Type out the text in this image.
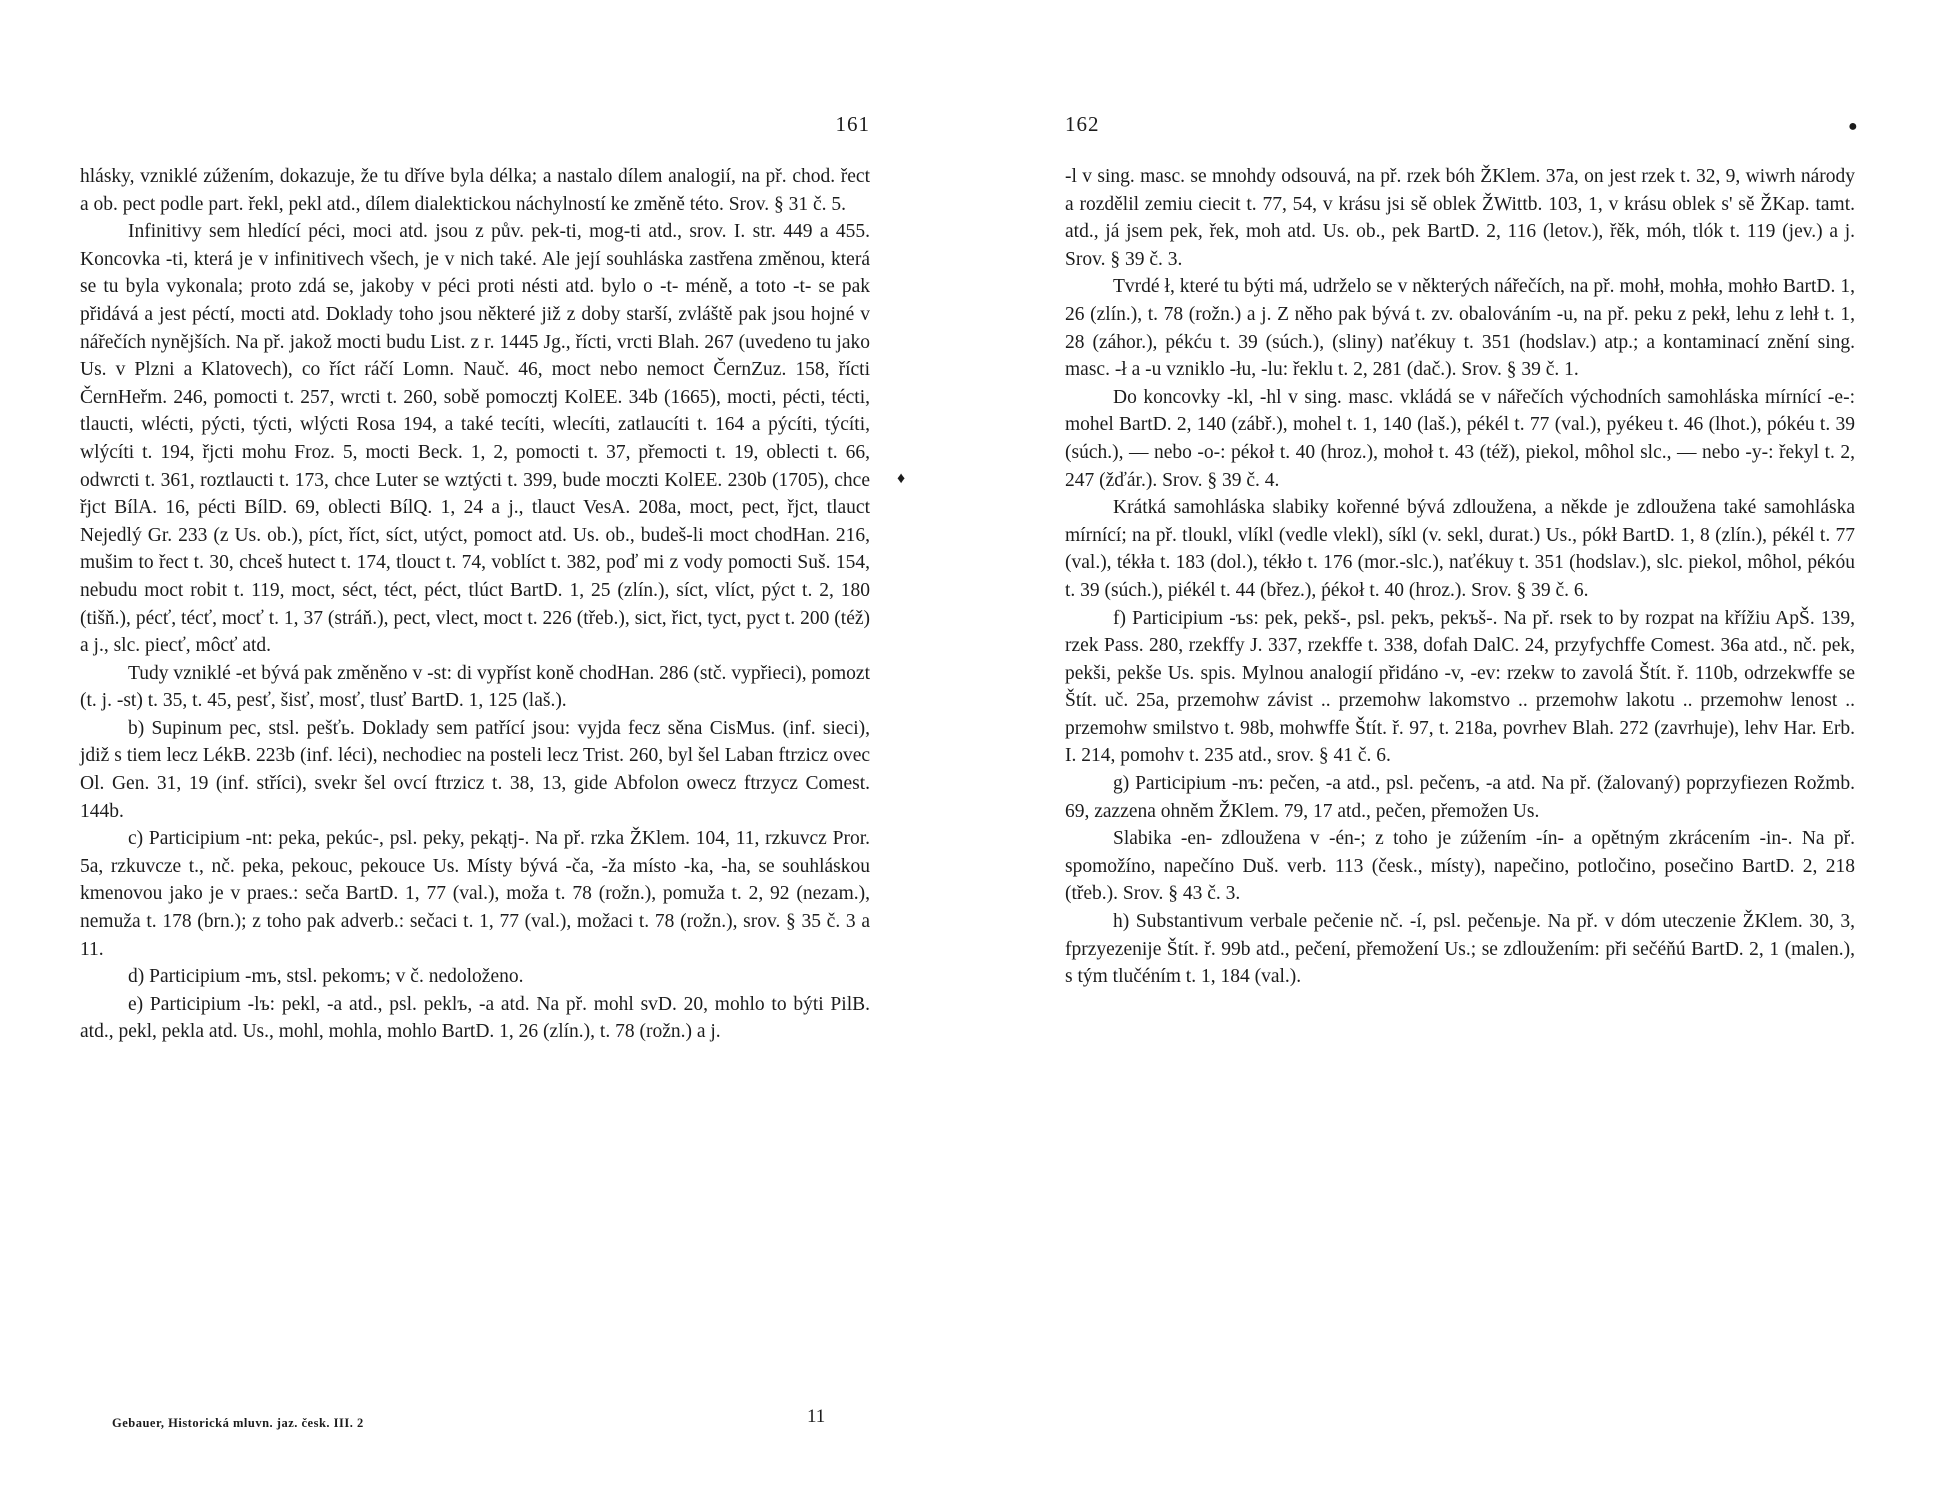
161

hlásky, vzniklé zúžením, dokazuje, že tu dříve byla délka; a nastalo dílem analogií, na př. chod. řect a ob. pect podle part. řekl, pekl atd., dílem dialektickou náchylností ke změně této. Srov. § 31 č. 5.

Infinitivy sem hledící péci, moci atd. jsou z pův. pek-ti, mog-ti atd., srov. I. str. 449 a 455. Koncovka -ti, která je v infinitivech všech, je v nich také. Ale její souhláska zastřena změnou, která se tu byla vykonala; proto zdá se, jakoby v péci proti nésti atd. bylo o -t- méně, a toto -t- se pak přidává a jest péctí, mocti atd. Doklady toho jsou některé již z doby starší, zvláště pak jsou hojné v nářečích nynějších. Na př. jakož mocti budu List. z r. 1445 Jg., řícti, vrcti Blah. 267 (uvedeno tu jako Us. v Plzni a Klatovech), co říct ráčí Lomn. Nauč. 46, moct nebo nemoct ČernZuz. 158, řícti ČernHeřm. 246, pomocti t. 257, wrcti t. 260, sobě pomocztj KolEE. 34b (1665), mocti, pécti, técti, tlaucti, wlécti, pýcti, týcti, wlýcti Rosa 194, a také tecíti, wlecíti, zatlaucíti t. 164 a pýcíti, týcíti, wlýcíti t. 194, řjcti mohu Froz. 5, mocti Beck. 1, 2, pomocti t. 37, přemocti t. 19, oblecti t. 66, odwrcti t. 361, roztlaucti t. 173, chce Luter se wztýcti t. 399, bude moczti KolEE. 230b (1705), chce řjct BílA. 16, pécti BílD. 69, oblecti BílQ. 1, 24 a j., tlauct VesA. 208a, moct, pect, řjct, tlauct Nejedlý Gr. 233 (z Us. ob.), píct, říct, síct, utýct, pomoct atd. Us. ob., budeš-li moct chodHan. 216, mušim to řect t. 30, chceš hutect t. 174, tlouct t. 74, voblíct t. 382, poď mi z vody pomocti Suš. 154, nebudu moct robit t. 119, moct, séct, téct, péct, tlúct BartD. 1, 25 (zlín.), síct, vlíct, pýct t. 2, 180 (tišň.), pécť, técť, mocť t. 1, 37 (stráň.), pect, vlect, moct t. 226 (třeb.), sict, řict, tyct, pyct t. 200 (též) a j., slc. piecť, môcť atd.

Tudy vzniklé -et bývá pak změněno v -st: di vypříst koně chodHan. 286 (stč. vypřieci), pomozt (t. j. -st) t. 35, t. 45, pesť, šisť, mosť, tlusť BartD. 1, 125 (laš.).

b) Supinum pec, stsl. pešťь. Doklady sem patřící jsou: vyjda fecz sěna CisMus. (inf. sieci), jdiž s tiem lecz LékB. 223b (inf. léci), nechodiec na posteli lecz Trist. 260, byl šel Laban ftrzicz ovec Ol. Gen. 31, 19 (inf. stříci), svekr šel ovcí ftrzicz t. 38, 13, gide Abfolon owecz ftrzycz Comest. 144b.

c) Participium -nt: peka, pekúc-, psl. peky, pekątj-. Na př. rzka ŽKlem. 104, 11, rzkuvcz Pror. 5a, rzkuvcze t., nč. peka, pekouc, pekouce Us. Místy bývá -ča, -ža místo -ka, -ha, se souhláskou kmenovou jako je v praes.: seča BartD. 1, 77 (val.), moža t. 78 (rožn.), pomuža t. 2, 92 (nezam.), nemuža t. 178 (brn.); z toho pak adverb.: sečaci t. 1, 77 (val.), možaci t. 78 (rožn.), srov. § 35 č. 3 a 11.

d) Participium -mъ, stsl. pekomъ; v č. nedoloženo.

e) Participium -lъ: pekl, -a atd., psl. peklъ, -a atd. Na př. mohl svD. 20, mohlo to býti PilB. atd., pekl, pekla atd. Us., mohl, mohla, mohlo BartD. 1, 26 (zlín.), t. 78 (rožn.) a j.

Gebauer, Historická mluvn. jaz. česk. III. 2	11
162

-l v sing. masc. se mnohdy odsouvá, na př. rzek bóh ŽKlem. 37a, on jest rzek t. 32, 9, wiwrh národy a rozdělil zemiu ciecit t. 77, 54, v krásu jsi sě oblek ŽWittb. 103, 1, v krásu oblek s' sě ŽKap. tamt. atd., já jsem pek, řek, moh atd. Us. ob., pek BartD. 2, 116 (letov.), řěk, móh, tlók t. 119 (jev.) a j. Srov. § 39 č. 3.

Tvrdé ł, které tu býti má, udrželo se v některých nářečích, na př. mohł, mohła, mohło BartD. 1, 26 (zlín.), t. 78 (rožn.) a j. Z něho pak bývá t. zv. obalováním -u, na př. peku z pekł, lehu z lehł t. 1, 28 (záhor.), pékću t. 39 (súch.), (sliny) naťékuy t. 351 (hodslav.) atp.; a kontaminací znění sing. masc. -ł a -u vzniklo -łu, -lu: řeklu t. 2, 281 (dač.). Srov. § 39 č. 1.

Do koncovky -kl, -hl v sing. masc. vkládá se v nářečích východních samohláska mírnící -e-: mohel BartD. 2, 140 (zábř.), mohel t. 1, 140 (laš.), pékél t. 77 (val.), pyékeu t. 46 (lhot.), pókéu t. 39 (súch.), — nebo -o-: pékoł t. 40 (hroz.), mohoł t. 43 (též), piekol, môhol slc., — nebo -y-: řekyl t. 2, 247 (žďár.). Srov. § 39 č. 4.

Krátká samohláska slabiky kořenné bývá zdloužena, a někde je zdloužena také samohláska mírnící; na př. tloukl, vlíkl (vedle vlekl), síkl (v. sekl, durat.) Us., pókł BartD. 1, 8 (zlín.), pékél t. 77 (val.), tékła t. 183 (dol.), tékło t. 176 (mor.-slc.), naťékuy t. 351 (hodslav.), slc. piekol, môhol, pékóu t. 39 (súch.), piékél t. 44 (břez.), ṕékoł t. 40 (hroz.). Srov. § 39 č. 6.

f) Participium -ъs: pek, pekš-, psl. pekъ, pekъš-. Na př. rsek to by rozpat na křížiu ApŠ. 139, rzek Pass. 280, rzekffy J. 337, rzekffe t. 338, dofah DalC. 24, przyfychffe Comest. 36a atd., nč. pek, pekši, pekše Us. spis. Mylnou analogií přidáno -v, -ev: rzekw to zavolá Štít. ř. 110b, odrzekwffe se Štít. uč. 25a, przemohw závist .. przemohw lakomstvo .. przemohw lakotu .. przemohw lenost .. przemohw smilstvo t. 98b, mohwffe Štít. ř. 97, t. 218a, povrhev Blah. 272 (zavrhuje), lehv Har. Erb. I. 214, pomohv t. 235 atd., srov. § 41 č. 6.

g) Participium -nъ: pečen, -a atd., psl. pečenъ, -a atd. Na př. (žalovaný) poprzyfiezen Rožmb. 69, zazzena ohněm ŽKlem. 79, 17 atd., pečen, přemožen Us.

Slabika -en- zdloužena v -én-; z toho je zúžením -ín- a opětným zkrácením -in-. Na př. spomožíno, napečíno Duš. verb. 113 (česk., místy), napečino, potločino, posečino BartD. 2, 218 (třeb.). Srov. § 43 č. 3.

h) Substantivum verbale pečenie nč. -í, psl. pečenьje. Na př. v dóm uteczenie ŽKlem. 30, 3, fprzyezenije Štít. ř. 99b atd., pečení, přemožení Us.; se zdloužením: při sečéňú BartD. 2, 1 (malen.), s tým tlučéním t. 1, 184 (val.).

●
♦
